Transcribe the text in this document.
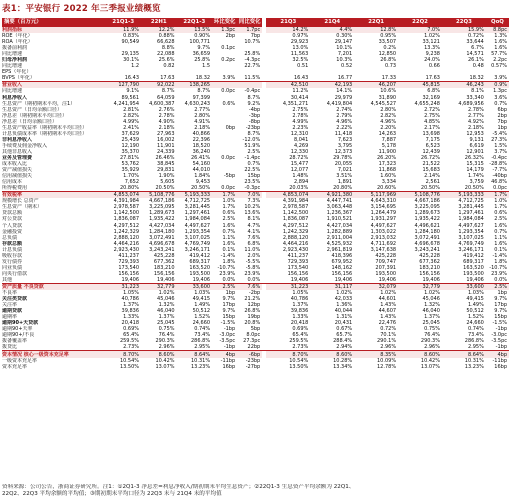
表1：平安银行 2022 年三季报业绩概览
摘要（百万元）	21Q1-3	22H1	22Q1-3	环比变化	同比变化		21Q3	21Q4	22Q1	22Q2	22Q3	QoQ
利润指标	11.9%	12.2%	13.5%	1.3pc	1.7pc		14.2%	4.4%	12.8%	7.0%	15.9%	8.8pc
ROE（年化）	0.83%	0.88%	0.90%	2bp	7bp		0.97%	0.30%	0.95%	1.02%	0.72%	1.3%
ROA（年化）	90,549	66,628	100,771		10.7%		29,923	29,147	33,507	33,121	33,644	1.6%
拨备前利润		8.8%	9.7%	0.1pc			13.0%	10.1%	0.2%	13.3%	6.7%	1.6%
同比增速	29,135	22,088	36,659		25.8%		11,563	7,201	12,850	9,238	14,571	57.7%
归母净利润	30.1%	25.6%	25.8%	0.2pc	-4.3pc		32.5%	10.3%	26.8%	24.0%	26.1%	2.2pc
同比增速	1.2	0.82	1.5		22.7%		0.51	0.52	0.73	0.66	0.48	0.57%
EPS（年化）												
BVPS（年化）	16.43	17.63	18.32	3.9%	11.5%		16.43	16.77	17.33	17.63	18.32	3.9%
营业收入	127,790	92,022	138,265				42,510	42,193	46,207	45,815	46,243	0.9%
同比增速	9.1%	8.7%	8.7%	0.0pc	-0.4pc		11.2%	14.1%	10.6%	6.8%	8.1%	1.3pc
利息净收入	89,561	64,059	97,399		8.7%		30,414	29,979	31,890	32,169	33,340	3.6%
生息资产（期初期末平均，注1）	4,241,954	4,600,387	4,630,243	0.6%	9.2%		4,351,271	4,419,804	4,545,527	4,655,248	4,689,956	0.7%
生息资产（日均余额口径）	2.81%	2.76%	2.77%		-4bp		2.75%	2.74%	2.80%	2.72%	2.78%	6bp
净息差（期初期末平均口径）	2.82%	2.78%	2.80%		-3bp		2.78%	2.79%	2.82%	2.75%	2.77%	2bp
净息差（日均余额口径）	4.99%	4.90%	4.91%		-8bp		4.99%	4.96%	4.96%	4.85%	4.92%	7bp
生息资产收益率（期初期末平均口径）	2.41%	2.18%	2.18%	0bp	-23bp		2.23%	2.22%	2.20%	2.17%	2.18%	1bp
计息负债成本率（期初期末平均口径）	37,629	27,963	40,866		8.7%		12,310	11,418	14,263	13,698	12,953	-5.4%
非利息净收入	25,439	16,002	22,396		-12.0%		8,041	7,623	7,887	7,175	9,131	27.3%
手续费及佣金净收入	12,190	11,901	18,520		51.9%		4,269	3,795	5,178	6,523	6,619	1.5%
其他非息收入	35,370	24,339	36,240		2.5%		12,330	12,373	11,900	12,439	12,901	3.7%
业务及管理费	27.81%	26.46%	26.41%	0.0pc	-1.4pc		28.72%	29.78%	26.20%	26.72%	26.32%	-0.4pc
成本收入比	53,762	38,845	54,160		0.7%		15,477	20,055	17,323	21,522	15,315	-28.8%
资产减值损失	35,929	29,831	44,010		22.5%		12,077	7,021	11,868	15,683	14,179	-7.7%
信用减值损失	1.70%	1.90%	1.84%	-5bp	15bp		1.48%	3.51%	1.60%	2.14%	1.74%	-40bp
信用成本	7,652	5,605	9,453		23.5%		2,894	1,891	3,334	2,561	3,759	46.8%
所得税费用	20.80%	20.50%	20.50%	0.0pc	-0.3pc		20.03%	20.80%	20.60%	20.50%	20.50%	0.0pc
有效税率	4,853,074	5,108,776	5,193,333	1.7%	7.0%		4,853,074	4,921,380	5,117,969	5,108,776	5,193,333	1.7%
规模增长 总资产	4,391,984	4,667,186	4,712,725	1.0%	7.3%		4,391,984	4,447,741	4,643,310	4,667,186	4,712,725	1.0%
生息资产（期末）	2,978,587	3,225,095	3,281,445	1.7%	10.2%		2,978,587	3,063,448	3,154,695	3,225,095	3,281,445	1.7%
贷款总额	1,142,500	1,289,673	1,297,461	0.6%	13.6%		1,142,500	1,236,367	1,264,479	1,289,673	1,297,461	0.6%
对公贷款	1,836,087	1,935,422	1,984,084	2.5%	8.1%		1,836,087	1,910,521	1,931,297	1,935,422	1,984,084	2.5%
个人贷款	4,297,512	4,427,034	4,497,627	1.6%	4.7%		4,297,512	4,427,034	4,497,627	4,496,621	4,497,627	1.6%
金融投资	1,242,329	1,284,180	1,293,354	0.7%	4.1%		1,242,329	1,282,889	1,303,022	1,284,180	1,293,354	0.7%
总负债	2,888,120	3,072,491	3,107,025	1.1%	7.6%		2,888,120	2,911,004	2,913,032	3,072,491	3,107,025	1.1%
存款总额	4,464,216	4,696,678	4,769,749	1.6%	6.8%		4,464,216	4,525,932	4,711,692	4,696,678	4,769,749	1.6%
计息负债	2,923,430	3,243,241	3,246,171	0.1%	11.0%		2,923,430	2,961,819	3,147,638	3,243,241	3,246,171	0.1%
吸收存款	411,237	425,228	419,412	-1.4%	2.0%		411,237	418,396	425,228	425,228	419,412	-1.4%
发行债券	729,393	677,362	689,317	1.8%	-5.5%		729,393	679,952	709,747	677,362	689,317	1.8%
同业负债	173,540	183,210	163,520	-10.7%	-5.8%		173,540	148,162	207,391	183,210	163,520	-10.7%
向央行借款	156,156	156,156	193,500	23.9%	23.9%		156,156	156,156	193,500	156,156	193,500	23.9%
其他	19,406	19,406	19,406	0.0%	0.0%		19,406	19,406	19,406	19,406	19,406	0.0%
资产质量 不良贷款	31,223	32,779	33,600	2.5%	7.6%		31,223	31,117	32,079	32,779	33,600	2.5%
不良率	1.05%	1.02%	1.03%	1bp	-2bp		1.05%	1.02%	1.02%	1.02%	1.03%	1bp
关注类贷款	40,786	45,046	49,415	9.7%	21.2%		40,786	42,033	44,601	45,046	49,415	9.7%
关注率	1.37%	1.32%	1.49%	17bp	12bp		1.37%	1.36%	1.43%	1.32%	1.49%	17bp
逾期贷款	39,836	46,040	50,512	9.7%	26.8%		39,836	40,044	44,607	46,040	50,512	9.7%
逾期率	1.33%	1.37%	1.52%	15bp	19bp		1.33%	1.31%	1.43%	1.37%	1.52%	15bp
逾期90+天贷款	20,418	25,045	24,660	-1.5%	20.8%		20,418	20,431	22,476	25,045	24,660	-1.5%
逾期90+天率	0.69%	0.75%	0.74%	-1bp	5bp		0.69%	0.67%	0.72%	0.75%	0.74%	-1bp
逾期90+/不良	65.4%	76.4%	73.4%	-3.0pc	8.0pc		65.4%	65.7%	70.1%	76.4%	73.4%	-3.0pc
拨备覆盖率	259.5%	290.3%	286.8%	-3.5pc	27.3pc		259.5%	288.4%	290.1%	290.3%	286.8%	-3.5pc
拨贷比	2.73%	2.96%	2.95%	-1bp	22bp		2.73%	2.94%	2.96%	2.96%	2.95%	-1bp
资本情况 核心一级资本充足率	8.70%	8.60%	8.64%	4bp	-6bp		8.70%	8.60%	8.35%	8.60%	8.64%	4bp
一级资本充足率	10.54%	10.42%	10.31%	-11bp	-23bp		10.54%	10.28%	10.09%	10.42%	10.31%	-11bp
资本充足率	13.50%	13.07%	13.23%	16bp	-27bp		13.50%	13.34%	12.78%	13.07%	13.23%	16bp
资料来源：公司公告，浙商证券研究所。注1：①2Q1-3 净息差=利息净收入/期初期末平均生息资产；②22Q1-3 生息资产平均余额为 22Q1、
22Q2、22Q3 平均余额的平均值；③期初期末平均口径为 22Q3 末与 21Q4 末的平均值
